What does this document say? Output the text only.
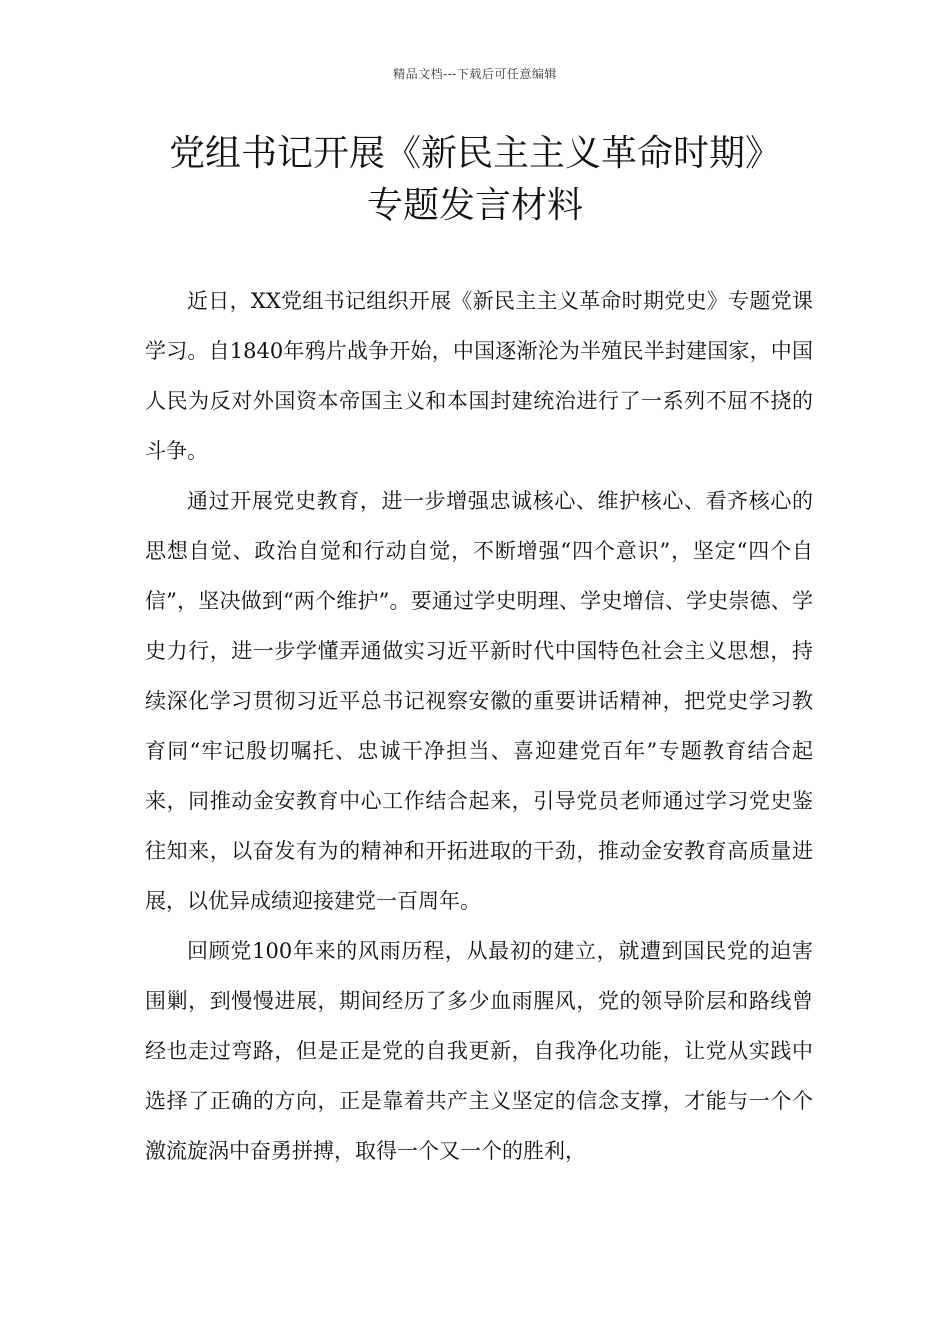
精品文档---下载后可任意编辑
党组书记开展《新民主主义革命时期》
专题发言材料

近日，XX党组书记组织开展《新民主主义革命时期党史》专题党课学习。自1840年鸦片战争开始，中国逐渐沦为半殖民半封建国家，中国人民为反对外国资本帝国主义和本国封建统治进行了一系列不屈不挠的斗争。

通过开展党史教育，进一步增强忠诚核心、维护核心、看齐核心的思想自觉、政治自觉和行动自觉，不断增强“四个意识”，坚定“四个自信”，坚决做到“两个维护”。要通过学史明理、学史增信、学史崇德、学史力行，进一步学懂弄通做实习近平新时代中国特色社会主义思想，持续深化学习贯彻习近平总书记视察安徽的重要讲话精神，把党史学习教育同“牢记殷切嘱托、忠诚干净担当、喜迎建党百年”专题教育结合起来，同推动金安教育中心工作结合起来，引导党员老师通过学习党史鉴往知来，以奋发有为的精神和开拓进取的干劲，推动金安教育高质量进展，以优异成绩迎接建党一百周年。

回顾党100年来的风雨历程，从最初的建立，就遭到国民党的迫害围剿，到慢慢进展，期间经历了多少血雨腥风，党的领导阶层和路线曾经也走过弯路，但是正是党的自我更新，自我净化功能，让党从实践中选择了正确的方向，正是靠着共产主义坚定的信念支撑，才能与一个个激流旋涡中奋勇拼搏，取得一个又一个的胜利，
